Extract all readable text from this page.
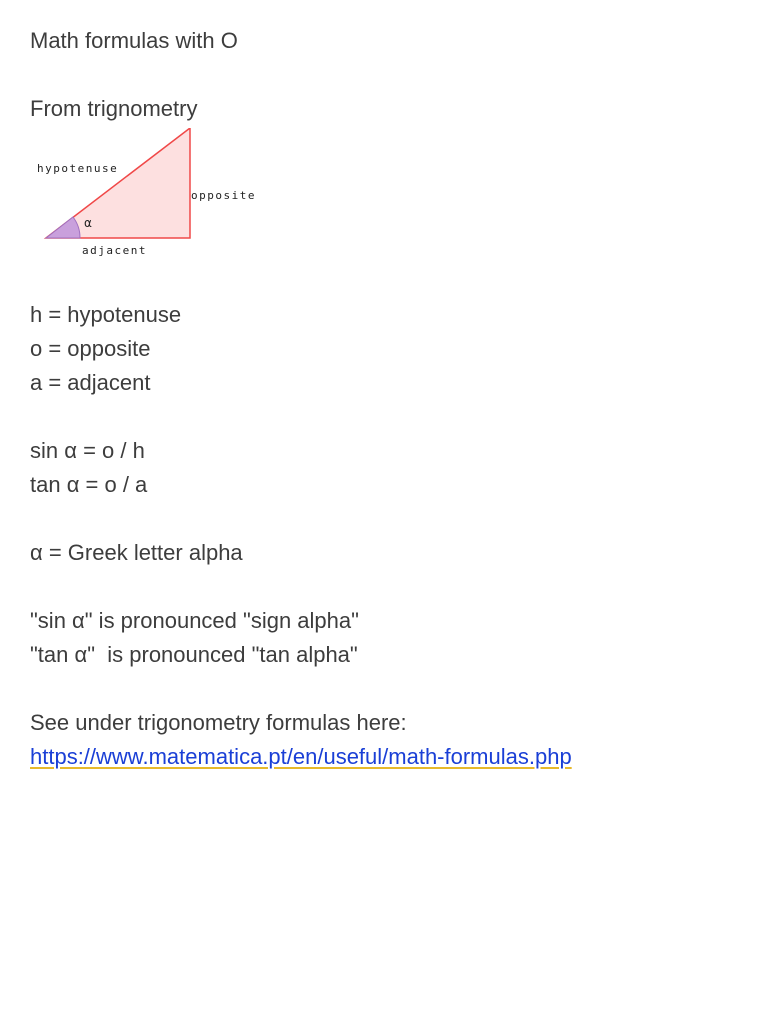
Math formulas with O

From trignometry

hypotenuse
opposite
adjacent
α

h = hypotenuse

o = opposite

a = adjacent

sin α = o / h

tan α = o / a

α = Greek letter alpha

"sin α" is pronounced "sign alpha"

"tan α"  is pronounced "tan alpha"

See under trigonometry formulas here:

https://www.matematica.pt/en/useful/math-formulas.php
